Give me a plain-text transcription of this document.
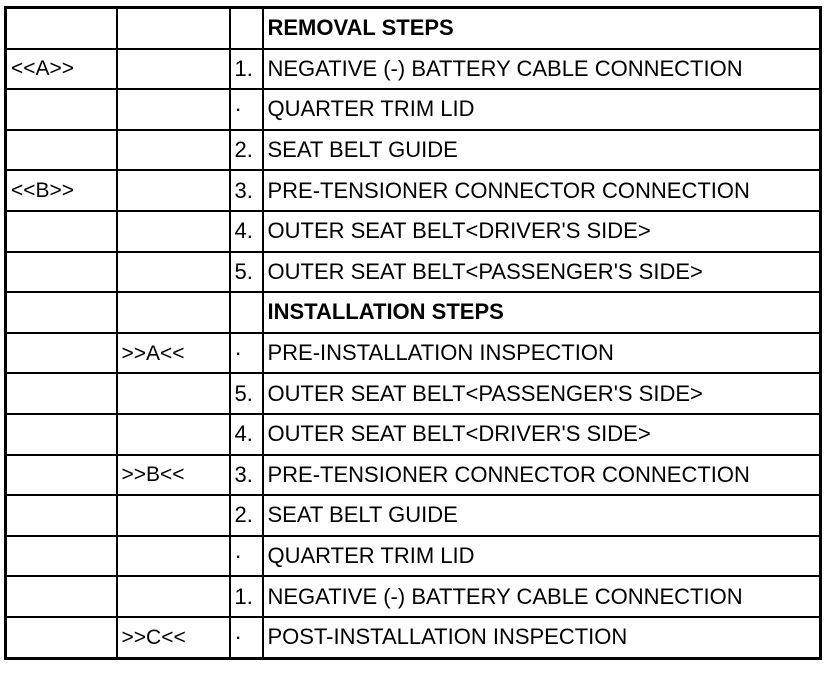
			REMOVAL STEPS
<<A>>		1.	NEGATIVE (-) BATTERY CABLE CONNECTION
		·	QUARTER TRIM LID
		2.	SEAT BELT GUIDE
<<B>>		3.	PRE-TENSIONER CONNECTOR CONNECTION
		4.	OUTER SEAT BELT<DRIVER'S SIDE>
		5.	OUTER SEAT BELT<PASSENGER'S SIDE>
			INSTALLATION STEPS
	>>A<<	·	PRE-INSTALLATION INSPECTION
		5.	OUTER SEAT BELT<PASSENGER'S SIDE>
		4.	OUTER SEAT BELT<DRIVER'S SIDE>
	>>B<<	3.	PRE-TENSIONER CONNECTOR CONNECTION
		2.	SEAT BELT GUIDE
		·	QUARTER TRIM LID
		1.	NEGATIVE (-) BATTERY CABLE CONNECTION
	>>C<<	·	POST-INSTALLATION INSPECTION
